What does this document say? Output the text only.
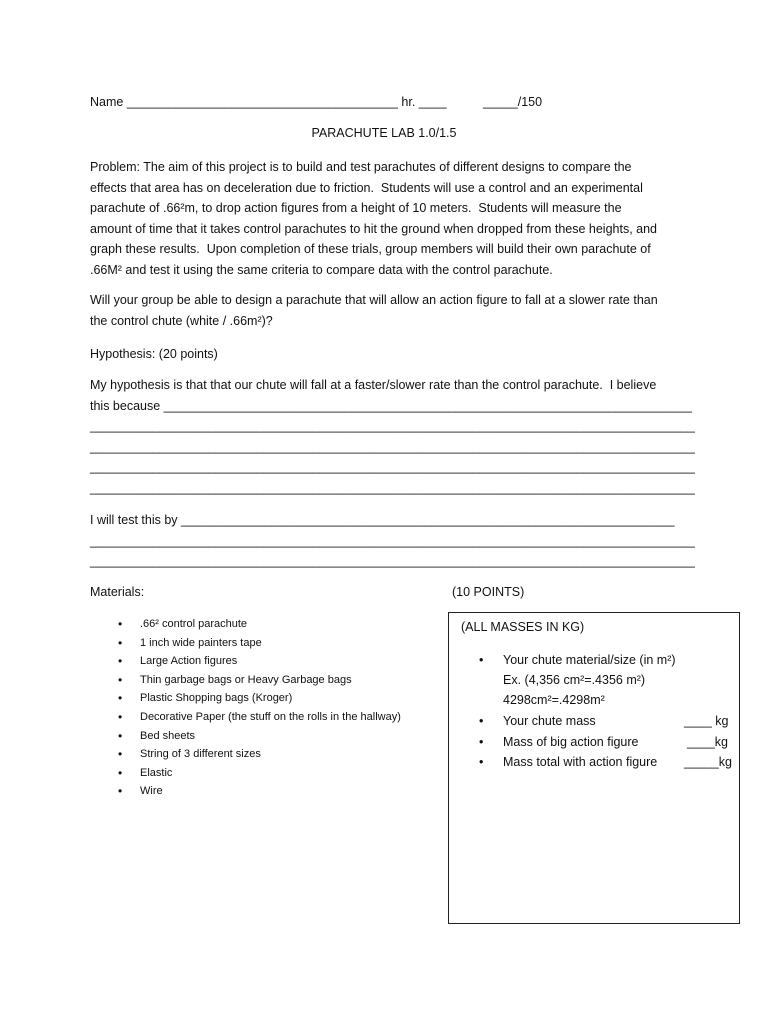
Name _______________________________________ hr. ____	_____/150
PARACHUTE LAB 1.0/1.5
Problem: The aim of this project is to build and test parachutes of different designs to compare the
effects that area has on deceleration due to friction.  Students will use a control and an experimental
parachute of .66²m, to drop action figures from a height of 10 meters.  Students will measure the
amount of time that it takes control parachutes to hit the ground when dropped from these heights, and
graph these results.  Upon completion of these trials, group members will build their own parachute of
.66M² and test it using the same criteria to compare data with the control parachute.
Will your group be able to design a parachute that will allow an action figure to fall at a slower rate than
the control chute (white / .66m²)?
Hypothesis: (20 points)
My hypothesis is that that our chute will fall at a faster/slower rate than the control parachute.  I believe
this because ____________________________________________________________________________
_______________________________________________________________________________________
_______________________________________________________________________________________
_______________________________________________________________________________________
_______________________________________________________________________________________
I will test this by _______________________________________________________________________
_______________________________________________________________________________________
_______________________________________________________________________________________
Materials:	(10 POINTS)
• .66² control parachute
• 1 inch wide painters tape
• Large Action figures
• Thin garbage bags or Heavy Garbage bags
• Plastic Shopping bags (Kroger)
• Decorative Paper (the stuff on the rolls in the hallway)
• Bed sheets
• String of 3 different sizes
• Elastic
• Wire
(ALL MASSES IN KG)
• Your chute material/size (in m²)
Ex. (4,356 cm²=.4356 m²)
4298cm²=.4298m²
• Your chute mass	____ kg
• Mass of big action figure	____kg
• Mass total with action figure _____kg
